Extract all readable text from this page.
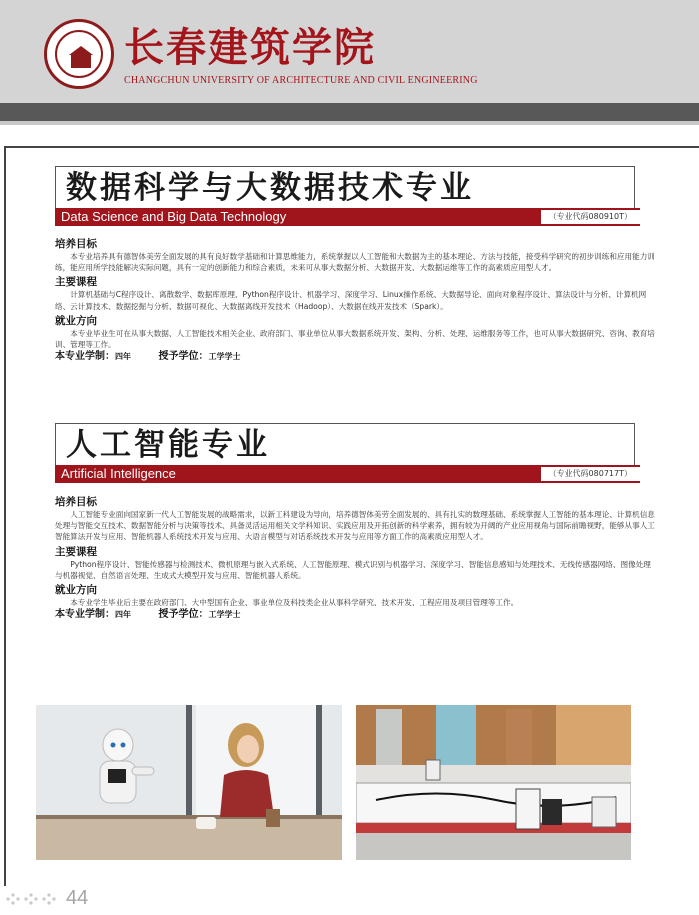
长春建筑学院
CHANGCHUN UNIVERSITY OF ARCHITECTURE AND CIVIL ENGINEERING
数据科学与大数据技术专业
Data Science and Big Data Technology	（专业代码080910T）
培养目标

本专业培养具有德智体美劳全面发展的具有良好数学基础和计算思维能力，系统掌握以人工智能和大数据为主的基本理论、方法与技能，接受科学研究的初步训练和应用能力训练，能应用所学技能解决实际问题，具有一定的创新能力和综合素质，未来可从事大数据分析、大数据开发、大数据运维等工作的高素质应用型人才。

主要课程

计算机基础与C程序设计、离散数学、数据库原理、Python程序设计、机器学习、深度学习、Linux操作系统、大数据导论、面向对象程序设计、算法设计与分析、计算机网络、云计算技术、数据挖掘与分析、数据可视化、大数据离线开发技术（Hadoop）、大数据在线开发技术（Spark）。

就业方向

本专业毕业生可在从事大数据、人工智能技术相关企业、政府部门、事业单位从事大数据系统开发、架构、分析、处理、运维服务等工作，也可从事大数据研究、咨询、教育培训、管理等工作。

本专业学制：四年	授予学位：工学学士
人工智能专业
Artificial Intelligence	（专业代码080717T）
培养目标

人工智能专业面向国家新一代人工智能发展的战略需求，以新工科建设为导向，培养德智体美劳全面发展的、具有扎实的数理基础、系统掌握人工智能的基本理论、计算机信息处理与智能交互技术、数据智能分析与决策等技术、具备灵活运用相关文学科知识、实践应用及开拓创新的科学素养，拥有较为开阔的产业应用视角与国际前瞻视野，能够从事人工智能算法开发与应用、智能机器人系统技术开发与应用、大语言模型与对话系统技术开发与应用等方面工作的高素质应用型人才。

主要课程

Python程序设计、智能传感器与检测技术、微机原理与嵌入式系统、人工智能原理、模式识别与机器学习、深度学习、智能信息感知与处理技术、无线传感器网络、图像处理与机器视觉、自然语言处理、生成式大模型开发与应用、智能机器人系统。

就业方向

本专业学生毕业后主要在政府部门、大中型国有企业、事业单位及科技类企业从事科学研究、技术开发、工程应用及项目管理等工作。

本专业学制：四年	授予学位：工学学士
44
